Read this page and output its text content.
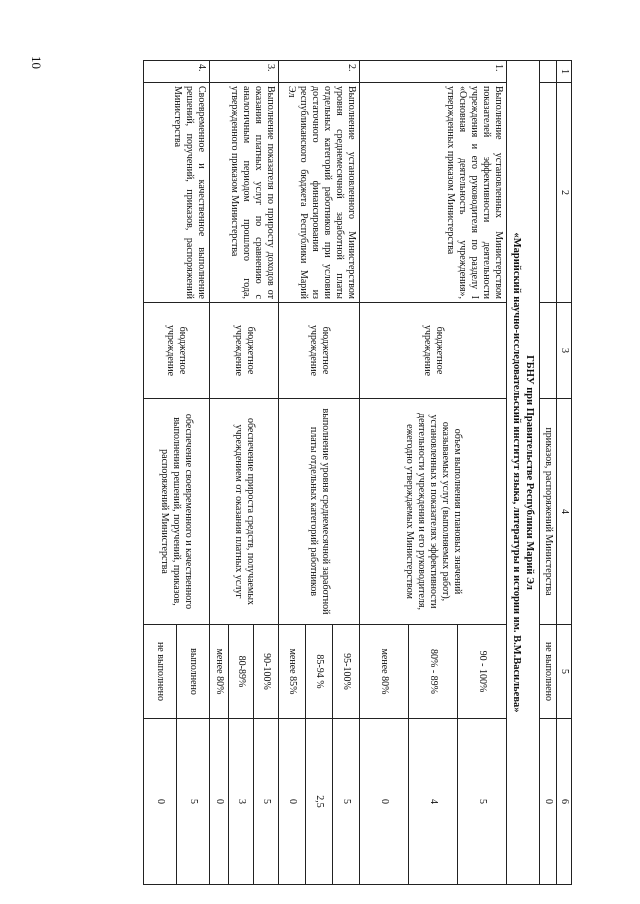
10
1	2	3	4	5	6
			приказов, распоряжений Министерства	не выполнено	0

ГБНУ при Правительстве Республики Марий Эл
«Марийский научно-исследовательский институт языка, литературы и истории им. В.М.Васильева»					

1.	Выполнение установленных Министерством показателей эффективности деятельности учреждения и его руководителя по разделу I «Основная деятельность учреждения», утвержденных приказом Министерства	бюджетное учреждение	объем выполнения плановых значений оказываемых услуг (выполняемых работ), установленных в показателях эффективности деятельности учреждения и его руководителя, ежегодно утверждаемых Министерством	90 - 100%	5
				80% - 89%	4
				менее 80%	0
2.	Выполнение установленного Министерством уровня среднемесячной заработной платы отдельных категорий работников при условии достаточного финансирования из республиканского бюджета Республики Марий Эл	бюджетное учреждение	выполнение уровня среднемесячной заработной платы отдельных категорий работников	95-100%	5
				85-94 %	2,5
				менее 85%	0
3.	Выполнение показателя по приросту доходов от оказания платных услуг по сравнению с аналогичным периодом прошлого года, утвержденного приказом Министерства	бюджетное учреждение	обеспечение прироста средств, получаемых учреждением от оказания платных услуг	90-100%	5
				80-89%	3
				менее 80%	0
4.	Своевременное и качественное выполнение решений, поручений, приказов, распоряжений Министерства	бюджетное учреждение	обеспечение своевременного и качественного выполнения решений, поручений, приказов, распоряжений Министерства	выполнено	5
				не выполнено	0
